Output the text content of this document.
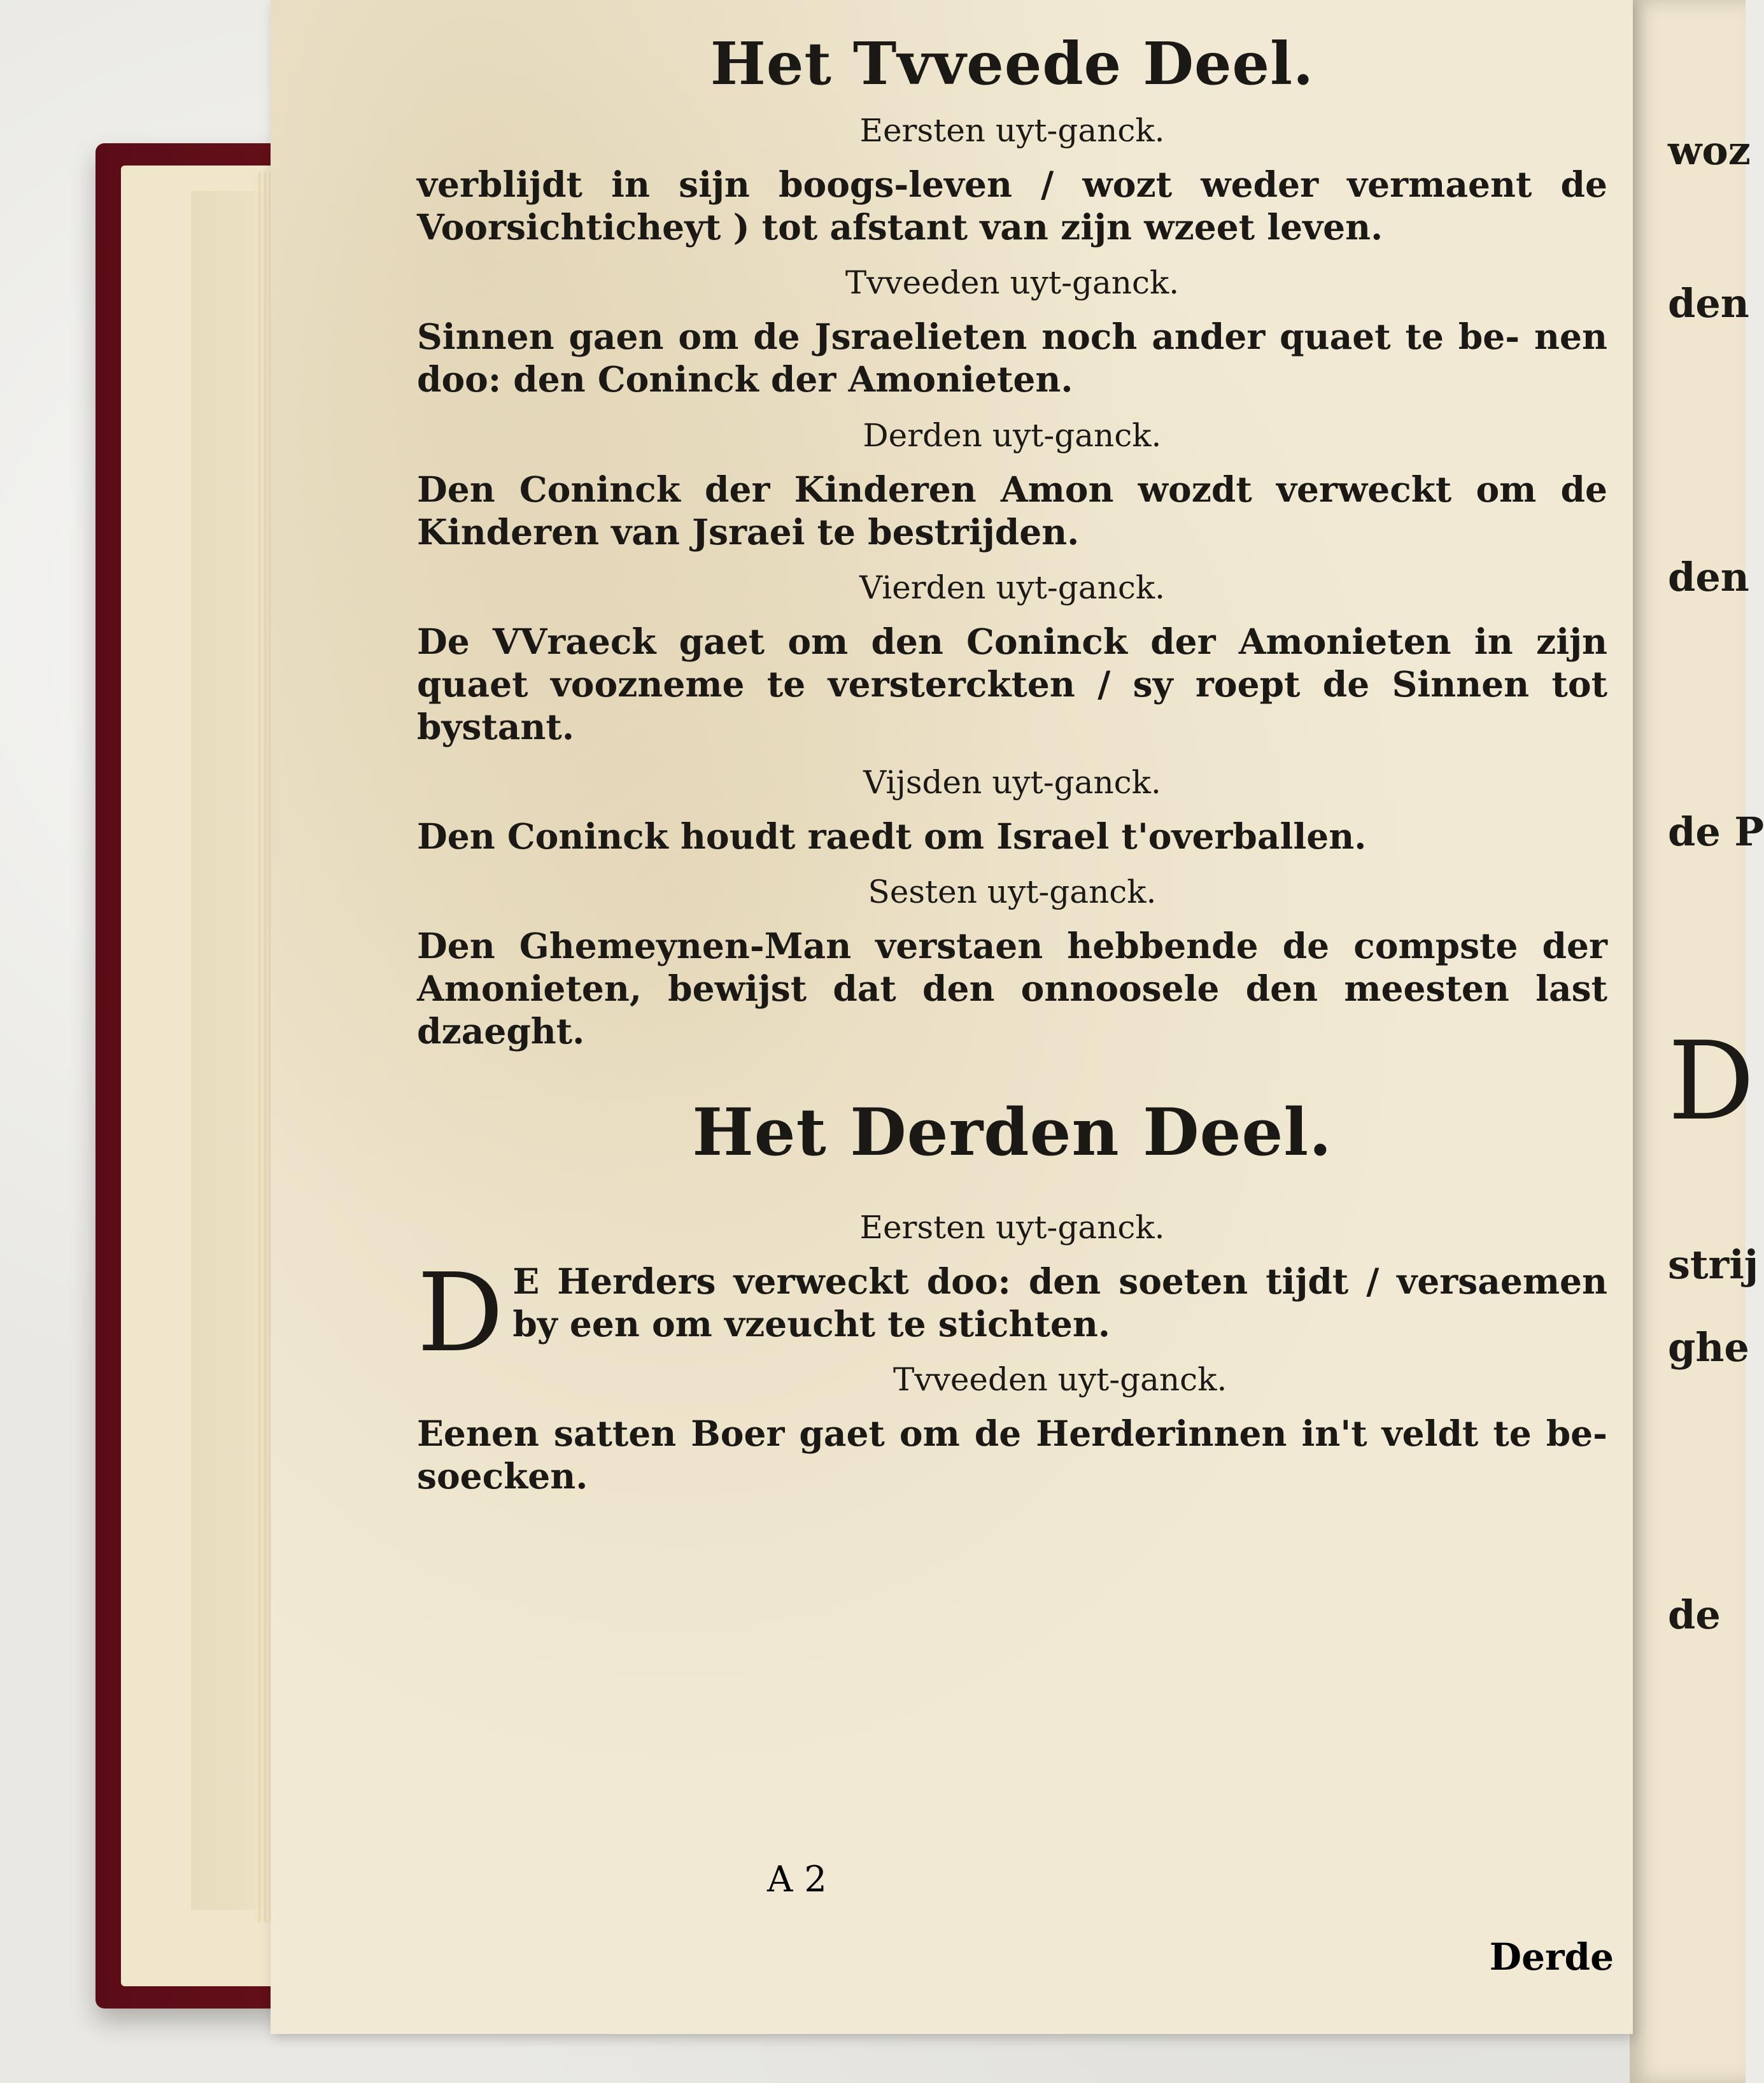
woz
den
den
de P
D
strij
ghe
de
Het Tvveede Deel.
Eersten uyt-ganck.

verblijdt in sijn boogs-leven / wozt weder vermaent de Voorsichticheyt ) tot afstant van zijn wzeet leven.

Tvveeden uyt-ganck.

Sinnen gaen om de Jsraelieten noch ander quaet te be- nen doo: den Coninck der Amonieten.

Derden uyt-ganck.

Den Coninck der Kinderen Amon wozdt verweckt om de Kinderen van Jsraei te bestrijden.

Vierden uyt-ganck.

De VVraeck gaet om den Coninck der Amonieten in zijn quaet voozneme te versterckten / sy roept de Sinnen tot bystant.

Vijsden uyt-ganck.

Den Coninck houdt raedt om Israel t'overballen.

Sesten uyt-ganck.

Den Ghemeynen-Man verstaen hebbende de compste der Amonieten, bewijst dat den onnoosele den meesten last dzaeght.

Het Derden Deel.
Eersten uyt-ganck.

D E Herders verweckt doo: den soeten tijdt / versaemen by een om vzeucht te stichten.

Tvveeden uyt-ganck.

Eenen satten Boer gaet om de Herderinnen in't veldt te be- soecken.

A 2
Derde
